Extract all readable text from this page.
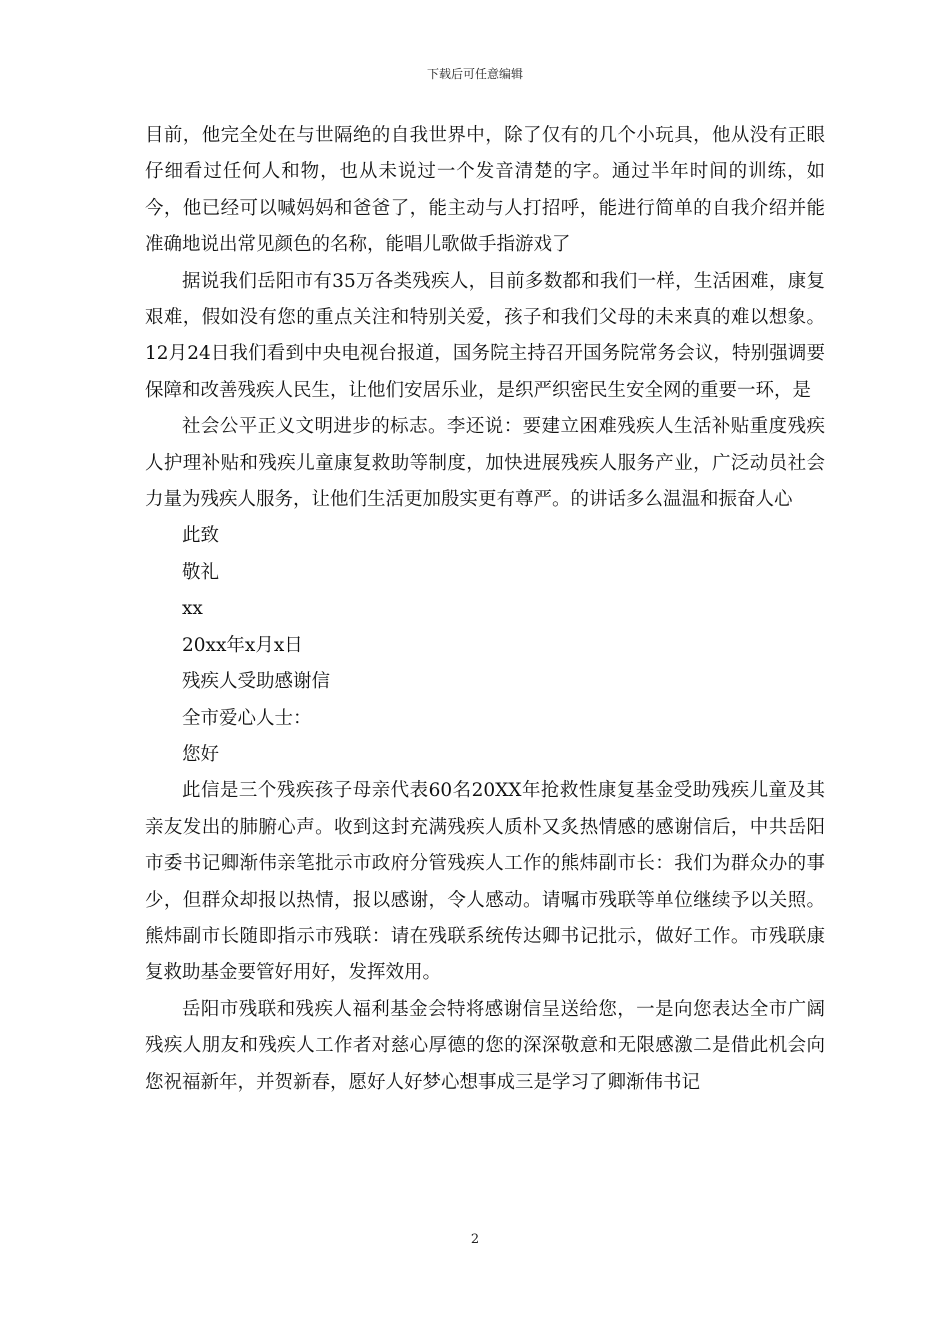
下载后可任意编辑

目前，他完全处在与世隔绝的自我世界中，除了仅有的几个小玩具，他从没有正眼仔细看过任何人和物，也从未说过一个发音清楚的字。通过半年时间的训练，如今，他已经可以喊妈妈和爸爸了，能主动与人打招呼，能进行简单的自我介绍并能准确地说出常见颜色的名称，能唱儿歌做手指游戏了

据说我们岳阳市有35万各类残疾人，目前多数都和我们一样，生活困难，康复艰难，假如没有您的重点关注和特别关爱，孩子和我们父母的未来真的难以想象。12月24日我们看到中央电视台报道，国务院主持召开国务院常务会议，特别强调要保障和改善残疾人民生，让他们安居乐业，是织严织密民生安全网的重要一环，是

社会公平正义文明进步的标志。李还说：要建立困难残疾人生活补贴重度残疾人护理补贴和残疾儿童康复救助等制度，加快进展残疾人服务产业，广泛动员社会力量为残疾人服务，让他们生活更加殷实更有尊严。的讲话多么温温和振奋人心

此致

敬礼

xx

20xx年x月x日

残疾人受助感谢信

全市爱心人士：

您好

此信是三个残疾孩子母亲代表60名20XX年抢救性康复基金受助残疾儿童及其亲友发出的肺腑心声。收到这封充满残疾人质朴又炙热情感的感谢信后，中共岳阳市委书记卿渐伟亲笔批示市政府分管残疾人工作的熊炜副市长：我们为群众办的事少，但群众却报以热情，报以感谢，令人感动。请嘱市残联等单位继续予以关照。熊炜副市长随即指示市残联：请在残联系统传达卿书记批示，做好工作。市残联康复救助基金要管好用好，发挥效用。

岳阳市残联和残疾人福利基金会特将感谢信呈送给您，一是向您表达全市广阔残疾人朋友和残疾人工作者对慈心厚德的您的深深敬意和无限感激二是借此机会向您祝福新年，并贺新春，愿好人好梦心想事成三是学习了卿渐伟书记

2
